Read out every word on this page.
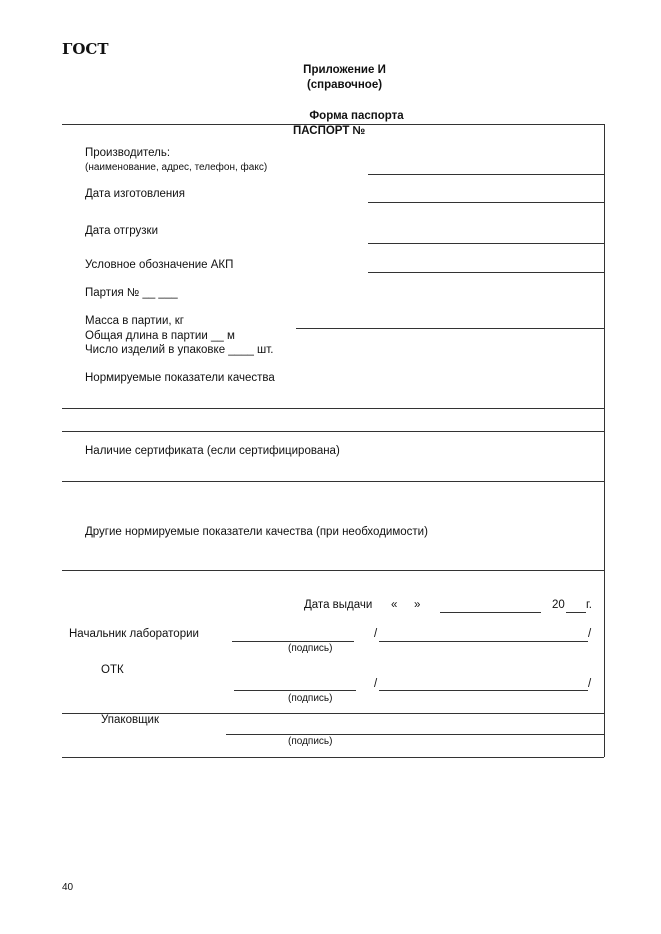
ГОСТ
Приложение И
(справочное)
Форма паспорта
ПАСПОРТ №
Производитель:
(наименование, адрес, телефон, факс)
Дата изготовления
Дата отгрузки
Условное обозначение АКП
Партия № __ ___
Масса в партии, кг
Общая длина в партии __ м
Число изделий в упаковке ____ шт.
Нормируемые показатели качества
Наличие сертификата (если сертифицирована)
Другие нормируемые показатели качества (при необходимости)
Дата выдачи « »	20 г.
Начальник лаборатории
(подпись)
/	/
ОТК
(подпись)
/	/
Упаковщик
(подпись)
40
